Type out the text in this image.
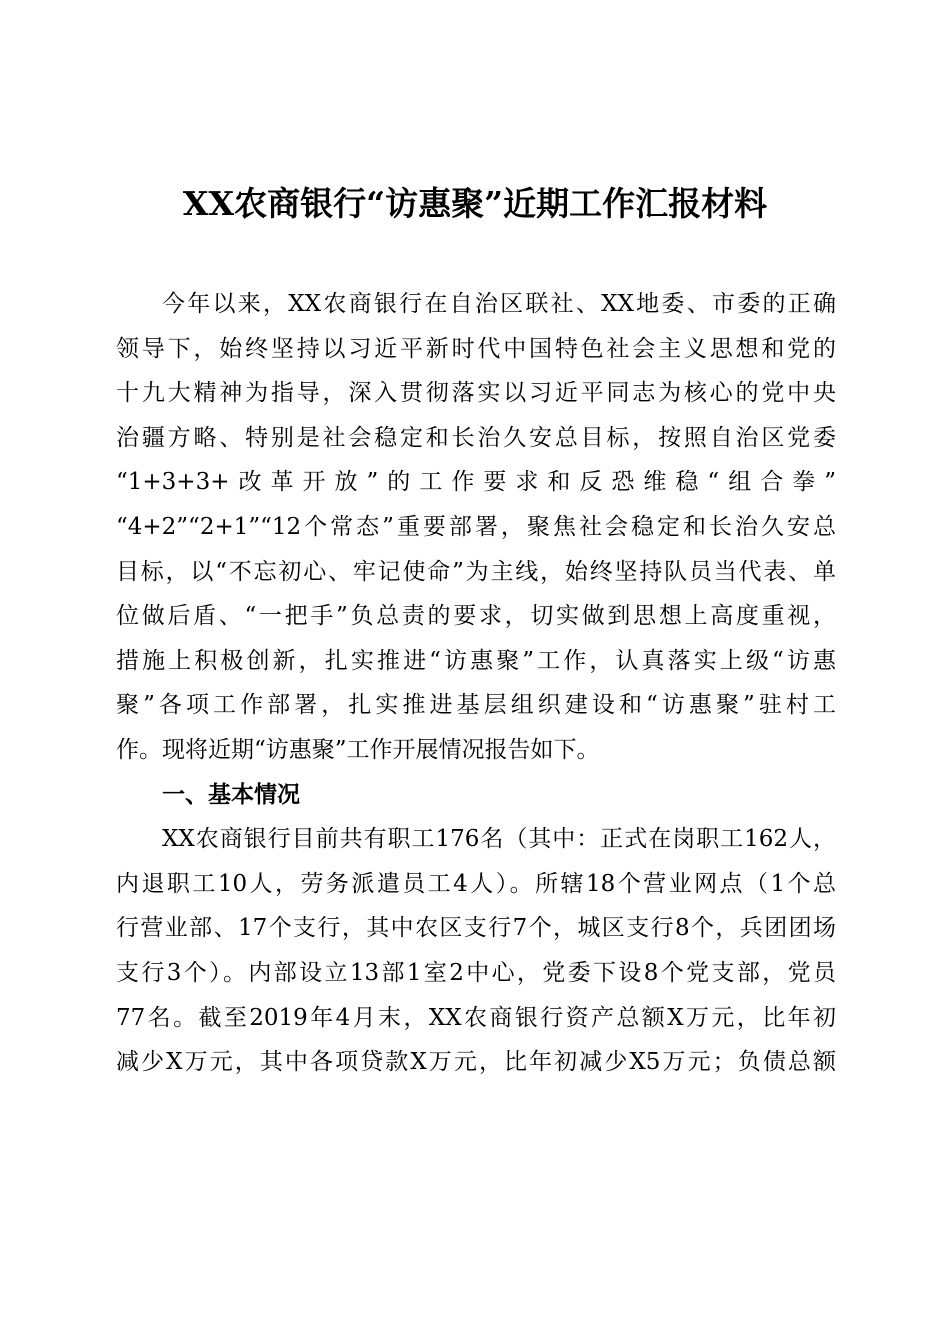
XX农商银行“访惠聚”近期工作汇报材料
今年以来，XX农商银行在自治区联社、XX地委、市委的正确
领导下，始终坚持以习近平新时代中国特色社会主义思想和党的
十九大精神为指导，深入贯彻落实以习近平同志为核心的党中央
治疆方略、特别是社会稳定和长治久安总目标，按照自治区党委
“1+3+3+改革开放”的工作要求和反恐维稳“组合拳”
“4+2”“2+1”“12个常态”重要部署，聚焦社会稳定和长治久安总
目标，以“不忘初心、牢记使命”为主线，始终坚持队员当代表、单
位做后盾、“一把手”负总责的要求，切实做到思想上高度重视，
措施上积极创新，扎实推进“访惠聚”工作，认真落实上级“访惠
聚”各项工作部署，扎实推进基层组织建设和“访惠聚”驻村工
作。现将近期“访惠聚”工作开展情况报告如下。
一、基本情况
XX农商银行目前共有职工176名（其中：正式在岗职工162人，
内退职工10人，劳务派遣员工4人）。所辖18个营业网点（1个总
行营业部、17个支行，其中农区支行7个，城区支行8个，兵团团场
支行3个）。内部设立13部1室2中心，党委下设8个党支部，党员
77名。截至2019年4月末，XX农商银行资产总额X万元，比年初
减少X万元，其中各项贷款X万元，比年初减少X5万元；负债总额
